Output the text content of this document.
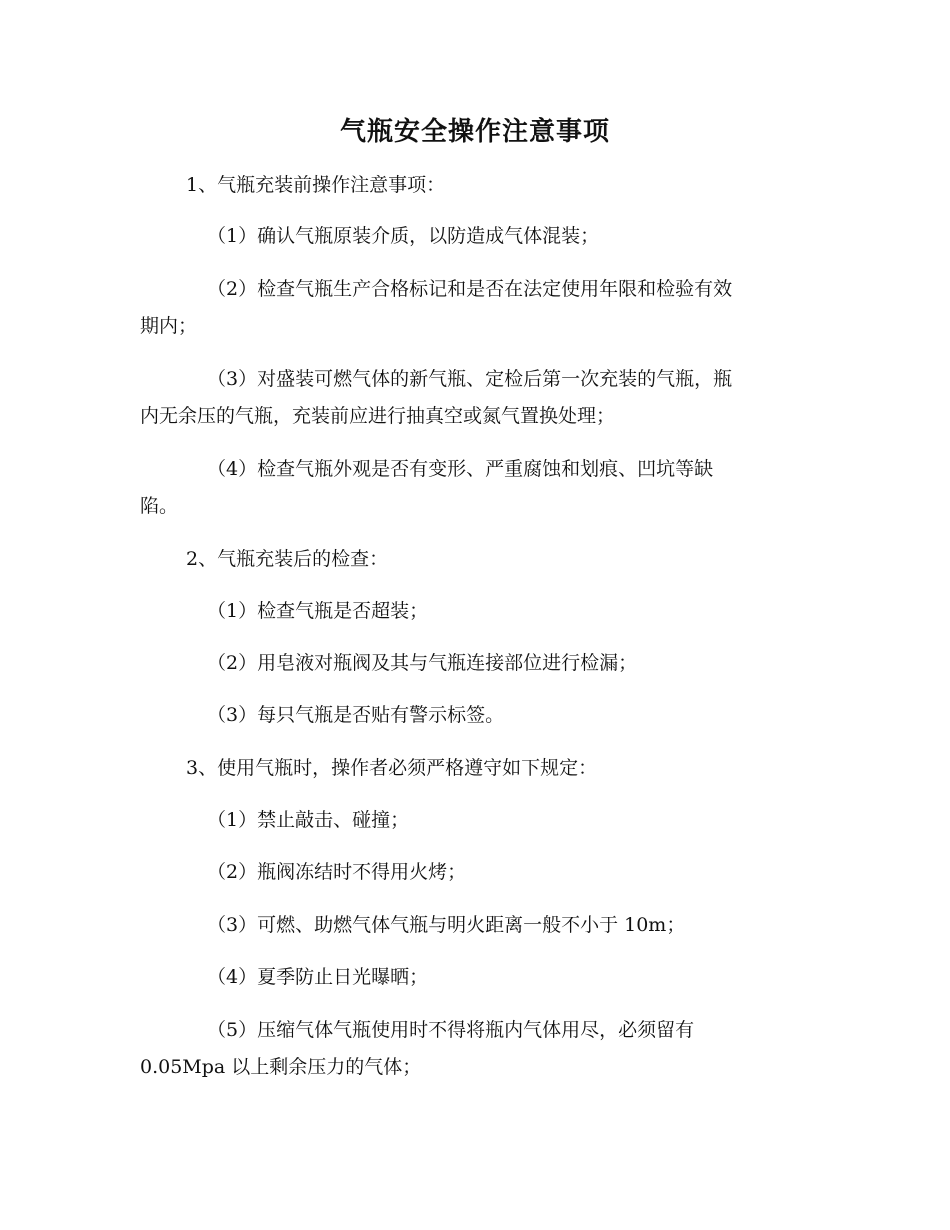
气瓶安全操作注意事项
1、气瓶充装前操作注意事项：
（1）确认气瓶原装介质，以防造成气体混装；
（2）检查气瓶生产合格标记和是否在法定使用年限和检验有效
期内；
（3）对盛装可燃气体的新气瓶、定检后第一次充装的气瓶，瓶
内无余压的气瓶，充装前应进行抽真空或氮气置换处理；
（4）检查气瓶外观是否有变形、严重腐蚀和划痕、凹坑等缺
陷。
2、气瓶充装后的检查：
（1）检查气瓶是否超装；
（2）用皂液对瓶阀及其与气瓶连接部位进行检漏；
（3）每只气瓶是否贴有警示标签。
3、使用气瓶时，操作者必须严格遵守如下规定：
（1）禁止敲击、碰撞；
（2）瓶阀冻结时不得用火烤；
（3）可燃、助燃气体气瓶与明火距离一般不小于 10m；
（4）夏季防止日光曝晒；
（5）压缩气体气瓶使用时不得将瓶内气体用尽，必须留有
0.05Mpa 以上剩余压力的气体；
